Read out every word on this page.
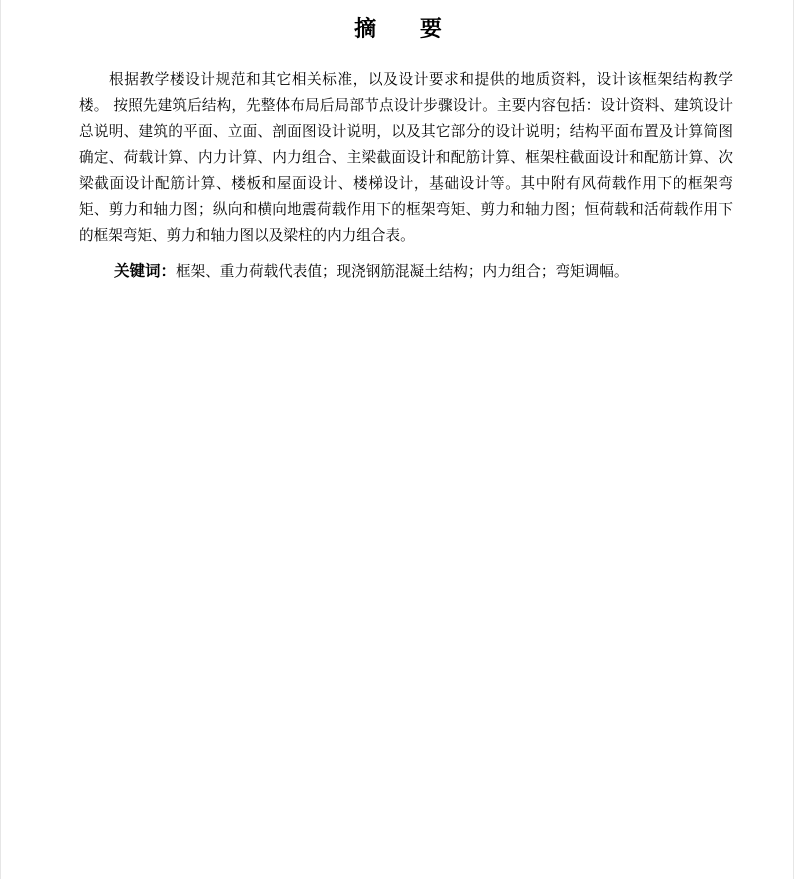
摘 要

根据教学楼设计规范和其它相关标准，以及设计要求和提供的地质资料，设计该框架结构教学楼。 按照先建筑后结构，先整体布局后局部节点设计步骤设计。主要内容包括：设计资料、建筑设计总说明、建筑的平面、立面、剖面图设计说明，以及其它部分的设计说明；结构平面布置及计算简图确定、荷载计算、内力计算、内力组合、主梁截面设计和配筋计算、框架柱截面设计和配筋计算、次梁截面设计配筋计算、楼板和屋面设计、楼梯设计，基础设计等。其中附有风荷载作用下的框架弯矩、剪力和轴力图；纵向和横向地震荷载作用下的框架弯矩、剪力和轴力图；恒荷载和活荷载作用下的框架弯矩、剪力和轴力图以及梁柱的内力组合表。

关键词：框架、重力荷载代表值；现浇钢筋混凝土结构；内力组合；弯矩调幅。
